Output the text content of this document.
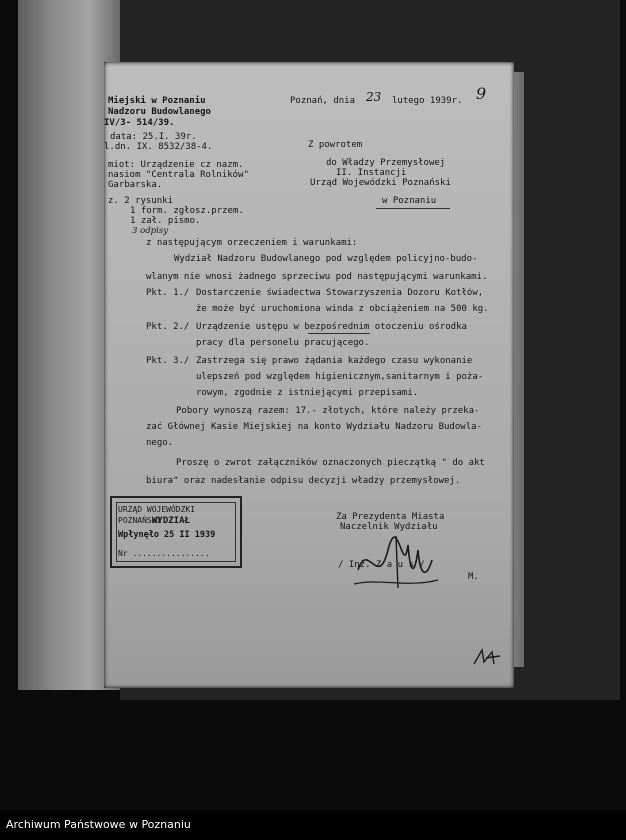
Miejski w Poznaniu
Nadzoru Budowlanego
IV/3- 514/39.
Poznań, dnia 23 lutego 1939r. 9
data: 25.I. 39r.
l.dn. IX. 8532/38-4.
miot: Urządzenie cz nazm.
nasiom "Centrala Rolników"
Garbarska.
Z powrotem
do Władzy Przemysłowej
II. Instancji
Urząd Wojewódzki Poznański
w Poznaniu
z. 2 rysunki
1 form. zgłosz.przem.
1 zał. pismo.
3 odpisy
z następującym orzeczeniem i warunkami:
Wydział Nadzoru Budowlanego pod względem policyjno-budo-
wlanym nie wnosi żadnego sprzeciwu pod następującymi warunkami.
Pkt. 1./ Dostarczenie świadectwa Stowarzyszenia Dozoru Kotłów,
że może być uruchomiona winda z obciążeniem na 500 kg.
Pkt. 2./ Urządzenie ustępu w bezpośrednim otoczeniu ośrodka
pracy dla personelu pracującego.
Pkt. 3./ Zastrzega się prawo żądania każdego czasu wykonanie
ulepszeń pod względem higienicznym,sanitarnym i poża-
rowym, zgodnie z istniejącymi przepisami.
Pobory wynoszą razem: 17.- złotych, które należy przeka-
zać Głównej Kasie Miejskiej na konto Wydziału Nadzoru Budowla-
nego.
Proszę o zwrot załączników oznaczonych pieczątką " do akt
biura" oraz nadesłanie odpisu decyzji władzy przemysłowej.
URZĄD WOJEWÓDZKI POZNAŃSKI
WYDZIAŁ
Wpłynęło 25 II 1939
Nr ................
Za Prezydenta Miasta
Naczelnik Wydziału
/ Inż. Z a u s /
M.
Archiwum Państwowe w Poznaniu
